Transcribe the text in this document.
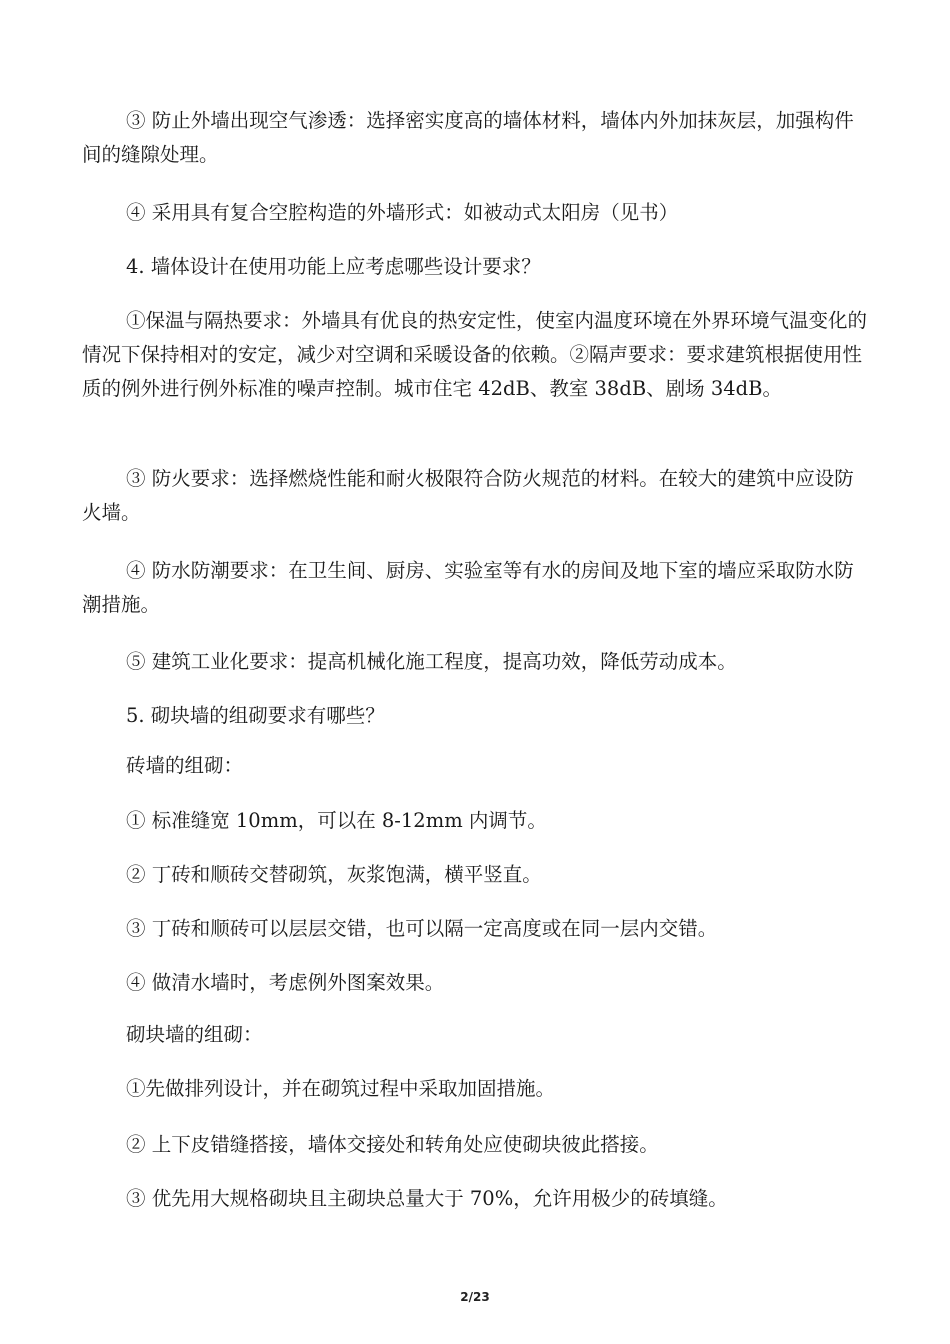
③ 防止外墙出现空气渗透：选择密实度高的墙体材料，墙体内外加抹灰层，加强构件间的缝隙处理。

④ 采用具有复合空腔构造的外墙形式：如被动式太阳房（见书）

4. 墙体设计在使用功能上应考虑哪些设计要求？

①保温与隔热要求：外墙具有优良的热安定性，使室内温度环境在外界环境气温变化的情况下保持相对的安定，减少对空调和采暖设备的依赖。②隔声要求：要求建筑根据使用性质的例外进行例外标准的噪声控制。城市住宅 42dB、教室 38dB、剧场 34dB。

③ 防火要求：选择燃烧性能和耐火极限符合防火规范的材料。在较大的建筑中应设防火墙。

④ 防水防潮要求：在卫生间、厨房、实验室等有水的房间及地下室的墙应采取防水防潮措施。

⑤ 建筑工业化要求：提高机械化施工程度，提高功效，降低劳动成本。

5. 砌块墙的组砌要求有哪些？

砖墙的组砌：

① 标准缝宽 10mm，可以在 8-12mm 内调节。

② 丁砖和顺砖交替砌筑，灰浆饱满，横平竖直。

③ 丁砖和顺砖可以层层交错，也可以隔一定高度或在同一层内交错。

④ 做清水墙时，考虑例外图案效果。

砌块墙的组砌：

①先做排列设计，并在砌筑过程中采取加固措施。

② 上下皮错缝搭接，墙体交接处和转角处应使砌块彼此搭接。

③ 优先用大规格砌块且主砌块总量大于 70%，允许用极少的砖填缝。

2/23
